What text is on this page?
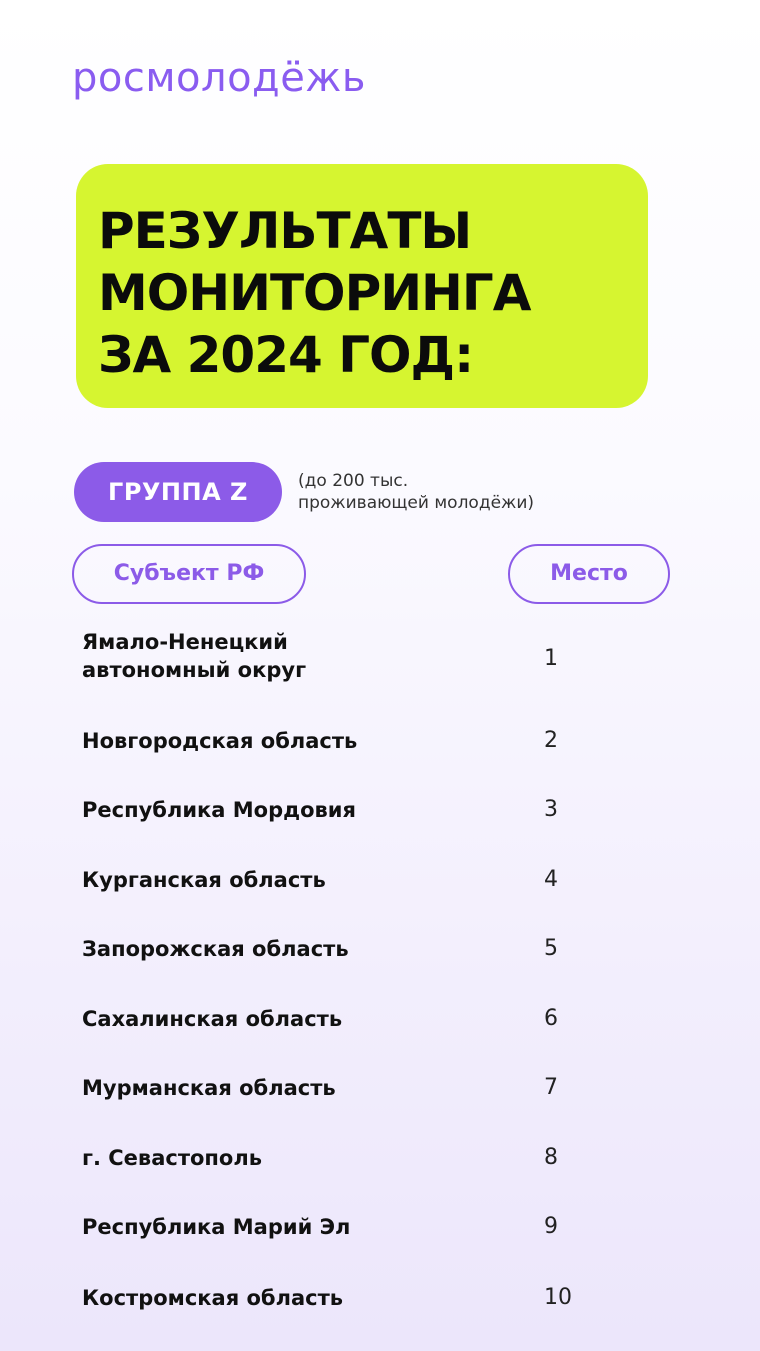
росмолодёжь
РЕЗУЛЬТАТЫ
МОНИТОРИНГА
ЗА 2024 ГОД:
ГРУППА Z	(до 200 тыс.
проживающей молодёжи)
Субъект РФ	Место
Ямало-Ненецкий
автономный округ	1
Новгородская область	2
Республика Мордовия	3
Курганская область	4
Запорожская область	5
Сахалинская область	6
Мурманская область	7
г. Севастополь	8
Республика Марий Эл	9
Костромская область	10
